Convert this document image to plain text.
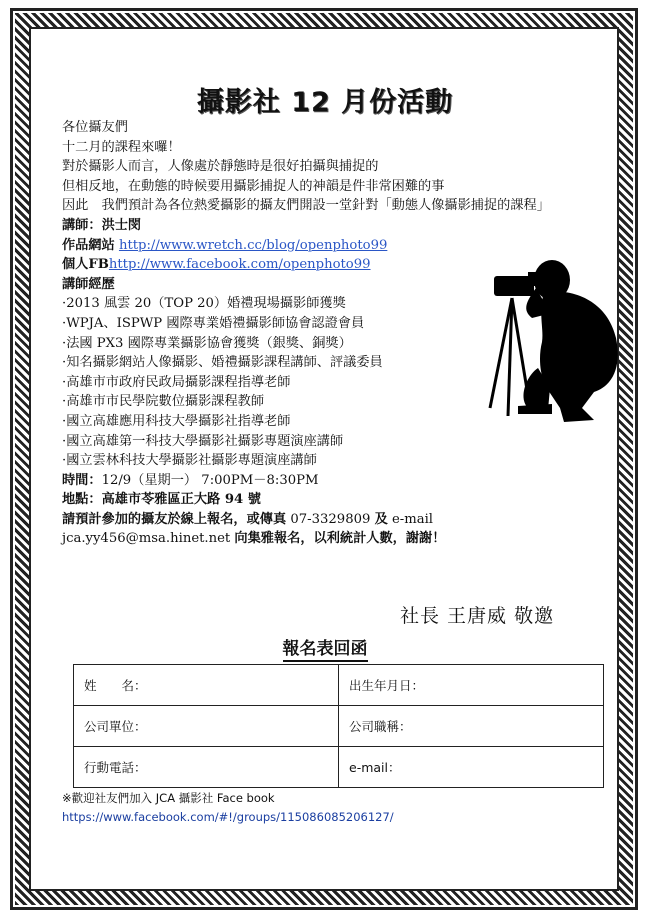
攝影社 12 月份活動
各位攝友們
十二月的課程來囉！
對於攝影人而言，人像處於靜態時是很好拍攝與捕捉的
但相反地，在動態的時候要用攝影捕捉人的神韻是件非常困難的事
因此　我們預計為各位熱愛攝影的攝友們開設一堂針對「動態人像攝影捕捉的課程」
講師：洪士閔
作品網站 http://www.wretch.cc/blog/openphoto99
個人FBhttp://www.facebook.com/openphoto99
講師經歷
·2013 風雲 20（TOP 20）婚禮現場攝影師獲獎
·WPJA、ISPWP 國際專業婚禮攝影師協會認證會員
·法國 PX3 國際專業攝影協會獲獎（銀獎、銅獎）
·知名攝影網站人像攝影、婚禮攝影課程講師、評議委員
·高雄市市政府民政局攝影課程指導老師
·高雄市市民學院數位攝影課程教師
·國立高雄應用科技大學攝影社指導老師
·國立高雄第一科技大學攝影社攝影專題演座講師
·國立雲林科技大學攝影社攝影專題演座講師
時間：12/9（星期一） 7:00PM－8:30PM
地點：高雄市苓雅區正大路 94 號
請預計參加的攝友於線上報名，或傳真 07-3329809 及 e-mail
jca.yy456@msa.hinet.net 向集雅報名，以利統計人數，謝謝！
社長 王唐威 敬邀
報名表回函
姓　　名：	出生年月日：
公司單位：	公司職稱：
行動電話：	e-mail：
※歡迎社友們加入 JCA 攝影社 Face book
https://www.facebook.com/#!/groups/115086085206127/
